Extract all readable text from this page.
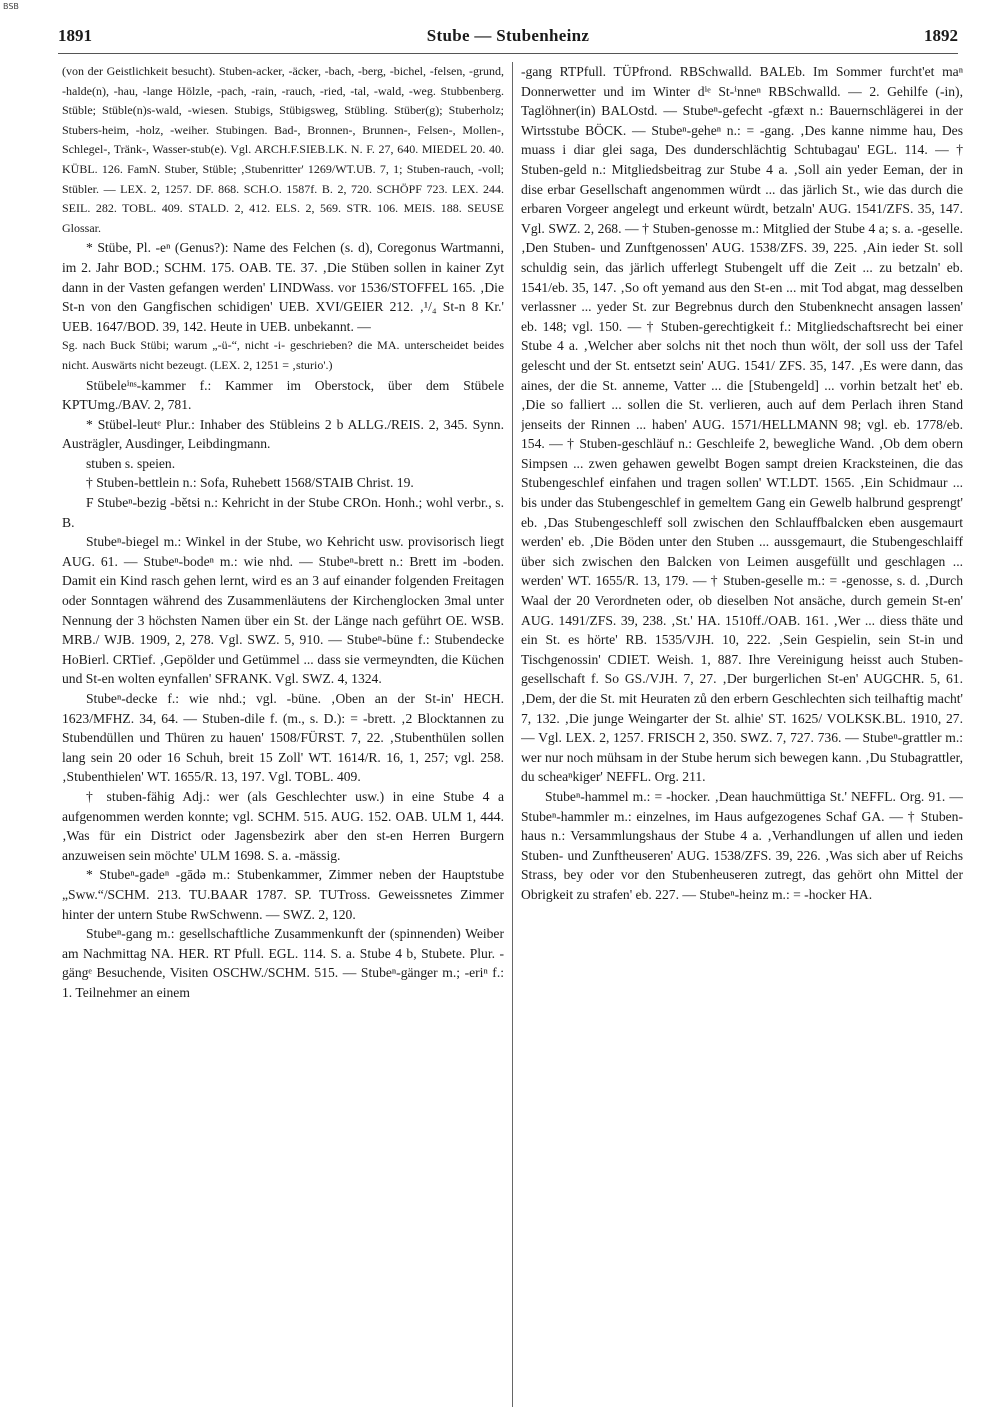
BSB
1891	Stube — Stubenheinz	1892

(von der Geistlichkeit besucht). Stuben-acker, -äcker, -bach, -berg, -bichel, -felsen, -grund, -halde(n), -hau, -lange Hölzle, -pach, -rain, -rauch, -ried, -tal, -wald, -weg. Stubbenberg. Stüble; Stüble(n)s-wald, -wiesen. Stubigs, Stübigsweg, Stübling. Stüber(g); Stuberholz; Stubers-heim, -holz, -weiher. Stubingen. Bad-, Bronnen-, Brunnen-, Felsen-, Mollen-, Schlegel-, Tränk-, Wasser-stub(e). Vgl. ARCH.F.SIEB.LK. N. F. 27, 640. MIEDEL 20. 40. KÜBL. 126. FamN. Stuber, Stüble; ‚Stubenritter' 1269/WT.UB. 7, 1; Stuben-rauch, -voll; Stübler. — LEX. 2, 1257. DF. 868. SCH.O. 1587f. B. 2, 720. SCHÖPF 723. LEX. 244. SEIL. 282. TOBL. 409. STALD. 2, 412. ELS. 2, 569. STR. 106. MEIS. 188. SEUSE Glossar.

* Stübe, Pl. -eⁿ (Genus?): Name des Felchen (s. d), Coregonus Wartmanni, im 2. Jahr BOD.; SCHM. 175. OAB. TE. 37. ‚Die Stüben sollen in kainer Zyt dann in der Vasten gefangen werden' LINDWass. vor 1536/STOFFEL 165. ‚Die St-n von den Gangfischen schidigen' UEB. XVI/GEIER 212. ‚¹/₄ St-n 8 Kr.' UEB. 1647/BOD. 39, 142. Heute in UEB. unbekannt. —

Sg. nach Buck Stübi; warum „-ü-“, nicht -i- geschrieben? die MA. unterscheidet beides nicht. Auswärts nicht bezeugt. (LEX. 2, 1251 = ‚sturio'.)

Stübeleⁱⁿˢ-kammer f.: Kammer im Oberstock, über dem Stübele KPTUmg./BAV. 2, 781.

* Stübel-leutᵉ Plur.: Inhaber des Stübleins 2 b ALLG./REIS. 2, 345. Synn. Austrägler, Ausdinger, Leibdingmann.

stuben s. speien.

† Stuben-bettlein n.: Sofa, Ruhebett 1568/STAIB Christ. 19.

F Stubeⁿ-bezig -bĕtsi n.: Kehricht in der Stube CROn. Honh.; wohl verbr., s. B.

Stubeⁿ-biegel m.: Winkel in der Stube, wo Kehricht usw. provisorisch liegt AUG. 61. — Stubeⁿ-bodeⁿ m.: wie nhd. — Stubeⁿ-brett n.: Brett im -boden. Damit ein Kind rasch gehen lernt, wird es an 3 auf einander folgenden Freitagen oder Sonntagen während des Zusammenläutens der Kirchenglocken 3mal unter Nennung der 3 höchsten Namen über ein St. der Länge nach geführt OE. WSB. MRB./ WJB. 1909, 2, 278. Vgl. SWZ. 5, 910. — Stubeⁿ-büne f.: Stubendecke HoBierl. CRTief. ‚Gepölder und Getümmel ... dass sie vermeyndten, die Küchen und St-en wolten eynfallen' SFRANK. Vgl. SWZ. 4, 1324.

Stubeⁿ-decke f.: wie nhd.; vgl. -büne. ‚Oben an der St-in' HECH. 1623/MFHZ. 34, 64. — Stuben-dile f. (m., s. D.): = -brett. ‚2 Blocktannen zu Stubendüllen und Thüren zu hauen' 1508/FÜRST. 7, 22. ‚Stubenthülen sollen lang sein 20 oder 16 Schuh, breit 15 Zoll' WT. 1614/R. 16, 1, 257; vgl. 258. ‚Stubenthielen' WT. 1655/R. 13, 197. Vgl. TOBL. 409.

† stuben-fähig Adj.: wer (als Geschlechter usw.) in eine Stube 4 a aufgenommen werden konnte; vgl. SCHM. 515. AUG. 152. OAB. ULM 1, 444. ‚Was für ein District oder Jagensbezirk aber den st-en Herren Burgern anzuweisen sein möchte' ULM 1698. S. a. -mässig.

* Stubeⁿ-gadeⁿ -gādə m.: Stubenkammer, Zimmer neben der Hauptstube „Sww.“/SCHM. 213. TU.BAAR 1787. SP. TUTross. Geweissnetes Zimmer hinter der untern Stube RwSchwenn. — SWZ. 2, 120.

Stubeⁿ-gang m.: gesellschaftliche Zusammenkunft der (spinnenden) Weiber am Nachmittag NA. HER. RT Pfull. EGL. 114. S. a. Stube 4 b, Stubete. Plur. -gängᵉ Besuchende, Visiten OSCHW./SCHM. 515. — Stubeⁿ-gänger m.; -eriⁿ f.: 1. Teilnehmer an einem

-gang RTPfull. TÜPfrond. RBSchwalld. BALEb. Im Sommer furcht'et maⁿ Donnerwetter und im Winter dⁱᵉ St-ⁱnneⁿ RBSchwalld. — 2. Gehilfe (-in), Taglöhner(in) BALOstd. — Stubeⁿ-gefecht -gfæxt n.: Bauernschlägerei in der Wirtsstube BÖCK. — Stubeⁿ-geheⁿ n.: = -gang. ‚Des kanne nimme hau, Des muass i diar glei saga, Des dunderschlächtig Schtubagau' EGL. 114. — † Stuben-geld n.: Mitgliedsbeitrag zur Stube 4 a. ‚Soll ain yeder Eeman, der in dise erbar Gesellschaft angenommen würdt ... das järlich St., wie das durch die erbaren Vorgeer angelegt und erkeunt würdt, betzaln' AUG. 1541/ZFS. 35, 147. Vgl. SWZ. 2, 268. — † Stuben-genosse m.: Mitglied der Stube 4 a; s. a. -geselle. ‚Den Stuben- und Zunftgenossen' AUG. 1538/ZFS. 39, 225. ‚Ain ieder St. soll schuldig sein, das järlich ufferlegt Stubengelt uff die Zeit ... zu betzaln' eb. 1541/eb. 35, 147. ‚So oft yemand aus den St-en ... mit Tod abgat, mag desselben verlassner ... yeder St. zur Begrebnus durch den Stubenknecht ansagen lassen' eb. 148; vgl. 150. — † Stuben-gerechtigkeit f.: Mitgliedschaftsrecht bei einer Stube 4 a. ‚Welcher aber solchs nit thet noch thun wölt, der soll uss der Tafel gelescht und der St. entsetzt sein' AUG. 1541/ ZFS. 35, 147. ‚Es were dann, das aines, der die St. anneme, Vatter ... die [Stubengeld] ... vorhin betzalt het' eb. ‚Die so falliert ... sollen die St. verlieren, auch auf dem Perlach ihren Stand jenseits der Rinnen ... haben' AUG. 1571/HELLMANN 98; vgl. eb. 1778/eb. 154. — † Stuben-geschläuf n.: Geschleife 2, bewegliche Wand. ‚Ob dem obern Simpsen ... zwen gehawen gewelbt Bogen sampt dreien Kracksteinen, die das Stubengeschlef einfahen und tragen sollen' WT.LDT. 1565. ‚Ein Schidmaur ... bis under das Stubengeschlef in gemeltem Gang ein Gewelb halbrund gesprengt' eb. ‚Das Stubengeschleff soll zwischen den Schlauffbalcken eben ausgemaurt werden' eb. ‚Die Böden unter den Stuben ... aussgemaurt, die Stubengeschlaiff über sich zwischen den Balcken von Leimen ausgefüllt und geschlagen ... werden' WT. 1655/R. 13, 179. — † Stuben-geselle m.: = -genosse, s. d. ‚Durch Waal der 20 Verordneten oder, ob dieselben Not ansäche, durch gemein St-en' AUG. 1491/ZFS. 39, 238. ‚St.' HA. 1510ff./OAB. 161. ‚Wer ... diess thäte und ein St. es hörte' RB. 1535/VJH. 10, 222. ‚Sein Gespielin, sein St-in und Tischgenossin' CDIET. Weish. 1, 887. Ihre Vereinigung heisst auch Stuben-gesellschaft f. So GS./VJH. 7, 27. ‚Der burgerlichen St-en' AUGCHR. 5, 61. ‚Dem, der die St. mit Heuraten zů den erbern Geschlechten sich teilhaftig macht' 7, 132. ‚Die junge Weingarter der St. alhie' ST. 1625/ VOLKSK.BL. 1910, 27. — Vgl. LEX. 2, 1257. FRISCH 2, 350. SWZ. 7, 727. 736. — Stubeⁿ-grattler m.: wer nur noch mühsam in der Stube herum sich bewegen kann. ‚Du Stubagrattler, du scheaⁿkiger' NEFFL. Org. 211.

Stubeⁿ-hammel m.: = -hocker. ‚Dean hauchmüttiga St.' NEFFL. Org. 91. — Stubeⁿ-hammler m.: einzelnes, im Haus aufgezogenes Schaf GA. — † Stuben-haus n.: Versammlungshaus der Stube 4 a. ‚Verhandlungen uf allen und ieden Stuben- und Zunftheuseren' AUG. 1538/ZFS. 39, 226. ‚Was sich aber uf Reichs Strass, bey oder vor den Stubenheuseren zutregt, das gehört ohn Mittel der Obrigkeit zu strafen' eb. 227. — Stubeⁿ-heinz m.: = -hocker HA.
